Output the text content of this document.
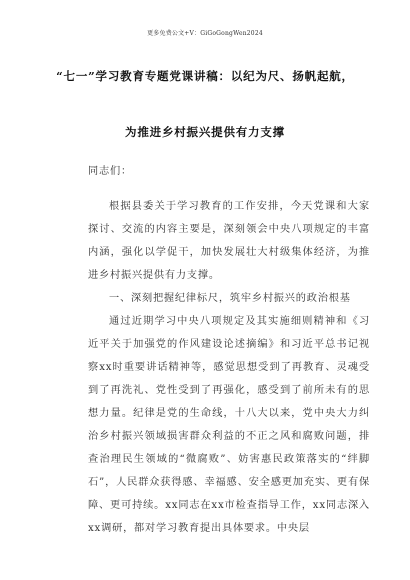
更多免费公文+V：GiGoGongWen2024
“七一”学习教育专题党课讲稿：以纪为尺、扬帆起航，
为推进乡村振兴提供有力支撑
同志们：
根据县委关于学习教育的工作安排，今天党课和大家探讨、交流的内容主要是，深刻领会中央八项规定的丰富内涵，强化以学促干，加快发展壮大村级集体经济，为推进乡村振兴提供有力支撑。
一、深刻把握纪律标尺，筑牢乡村振兴的政治根基
通过近期学习中央八项规定及其实施细则精神和《习近平关于加强党的作风建设论述摘编》和习近平总书记视察xx时重要讲话精神等，感觉思想受到了再教育、灵魂受到了再洗礼、党性受到了再强化，感受到了前所未有的思想力量。纪律是党的生命线，十八大以来，党中央大力纠治乡村振兴领域损害群众利益的不正之风和腐败问题，排查治理民生领域的“微腐败”、妨害惠民政策落实的“绊脚石”，人民群众获得感、幸福感、安全感更加充实、更有保障、更可持续。xx同志在xx市检查指导工作，xx同志深入xx调研，都对学习教育提出具体要求。中央层
